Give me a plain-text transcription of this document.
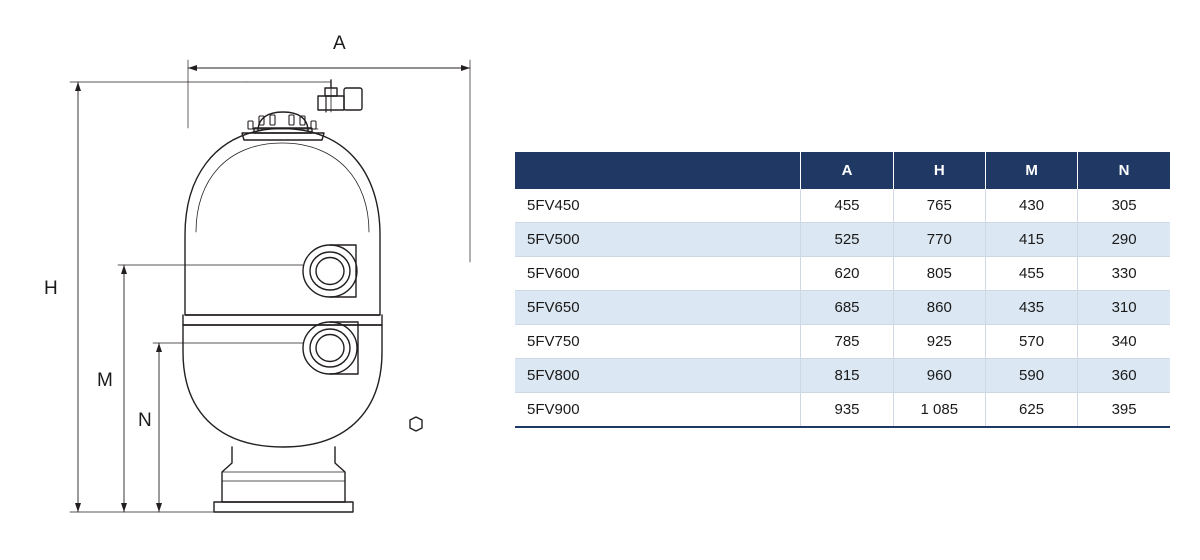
A
H
M
N
	A	H	M	N
5FV450	455	765	430	305
5FV500	525	770	415	290
5FV600	620	805	455	330
5FV650	685	860	435	310
5FV750	785	925	570	340
5FV800	815	960	590	360
5FV900	935	1 085	625	395
